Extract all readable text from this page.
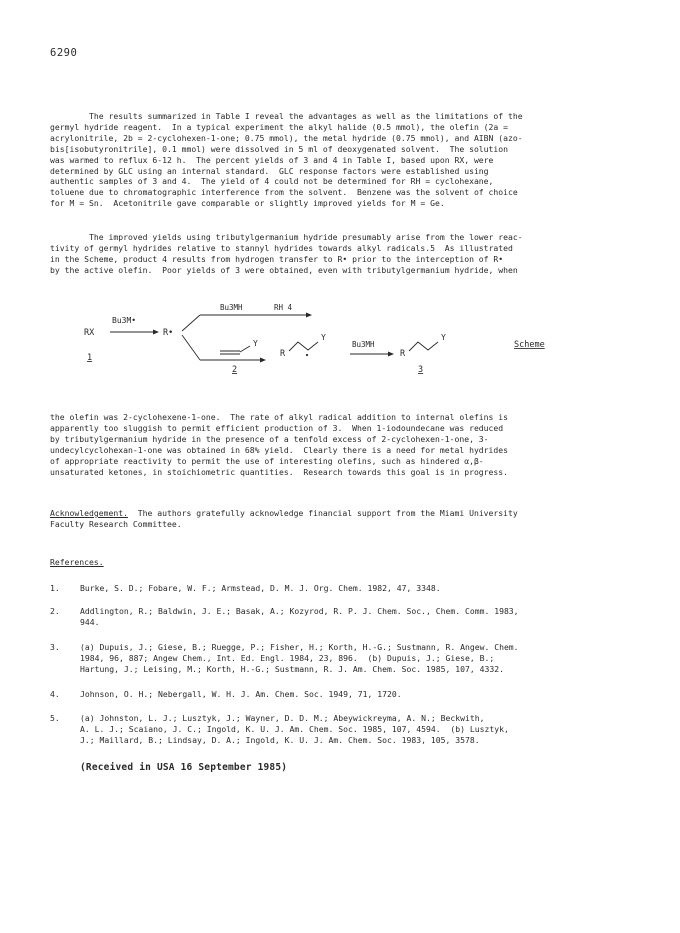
6290
The results summarized in Table I reveal the advantages as well as the limitations of the
germyl hydride reagent.  In a typical experiment the alkyl halide (0.5 mmol), the olefin (2a =
acrylonitrile, 2b = 2-cyclohexen-1-one; 0.75 mmol), the metal hydride (0.75 mmol), and AIBN (azo-
bis[isobutyronitrile], 0.1 mmol) were dissolved in 5 ml of deoxygenated solvent.  The solution
was warmed to reflux 6-12 h.  The percent yields of 3 and 4 in Table I, based upon RX, were
determined by GLC using an internal standard.  GLC response factors were established using
authentic samples of 3 and 4.  The yield of 4 could not be determined for RH = cyclohexane,
toluene due to chromatographic interference from the solvent.  Benzene was the solvent of choice
for M = Sn.  Acetonitrile gave comparable or slightly improved yields for M = Ge.
The improved yields using tributylgermanium hydride presumably arise from the lower reac-
tivity of germyl hydrides relative to stannyl hydrides towards alkyl radicals.5  As illustrated
in the Scheme, product 4 results from hydrogen transfer to R• prior to the interception of R•
by the active olefin.  Poor yields of 3 were obtained, even with tributylgermanium hydride, when
RX
1
Bu3M•
R•
Bu3MH	RH 4
Y
2
R
Y
Bu3MH
R
Y
3
Scheme
the olefin was 2-cyclohexene-1-one.  The rate of alkyl radical addition to internal olefins is
apparently too sluggish to permit efficient production of 3.  When 1-iodoundecane was reduced
by tributylgermanium hydride in the presence of a tenfold excess of 2-cyclohexen-1-one, 3-
undecylcyclohexan-1-one was obtained in 68% yield.  Clearly there is a need for metal hydrides
of appropriate reactivity to permit the use of interesting olefins, such as hindered α,β-
unsaturated ketones, in stoichiometric quantities.  Research towards this goal is in progress.
Acknowledgement.  The authors gratefully acknowledge financial support from the Miami University
Faculty Research Committee.
References.

1.

	Burke, S. D.; Fobare, W. F.; Armstead, D. M. J. Org. Chem. 1982, 47, 3348.

2.

	Addlington, R.; Baldwin, J. E.; Basak, A.; Kozyrod, R. P. J. Chem. Soc., Chem. Comm. 1983,
944.

3.

	(a) Dupuis, J.; Giese, B.; Ruegge, P.; Fisher, H.; Korth, H.-G.; Sustmann, R. Angew. Chem.
1984, 96, 887; Angew Chem., Int. Ed. Engl. 1984, 23, 896.  (b) Dupuis, J.; Giese, B.;
Hartung, J.; Leising, M.; Korth, H.-G.; Sustmann, R. J. Am. Chem. Soc. 1985, 107, 4332.

4.

	Johnson, O. H.; Nebergall, W. H. J. Am. Chem. Soc. 1949, 71, 1720.

5.

	(a) Johnston, L. J.; Lusztyk, J.; Wayner, D. D. M.; Abeywickreyma, A. N.; Beckwith,
A. L. J.; Scaiano, J. C.; Ingold, K. U. J. Am. Chem. Soc. 1985, 107, 4594.  (b) Lusztyk,
J.; Maillard, B.; Lindsay, D. A.; Ingold, K. U. J. Am. Chem. Soc. 1983, 105, 3578.

(Received in USA 16 September 1985)
